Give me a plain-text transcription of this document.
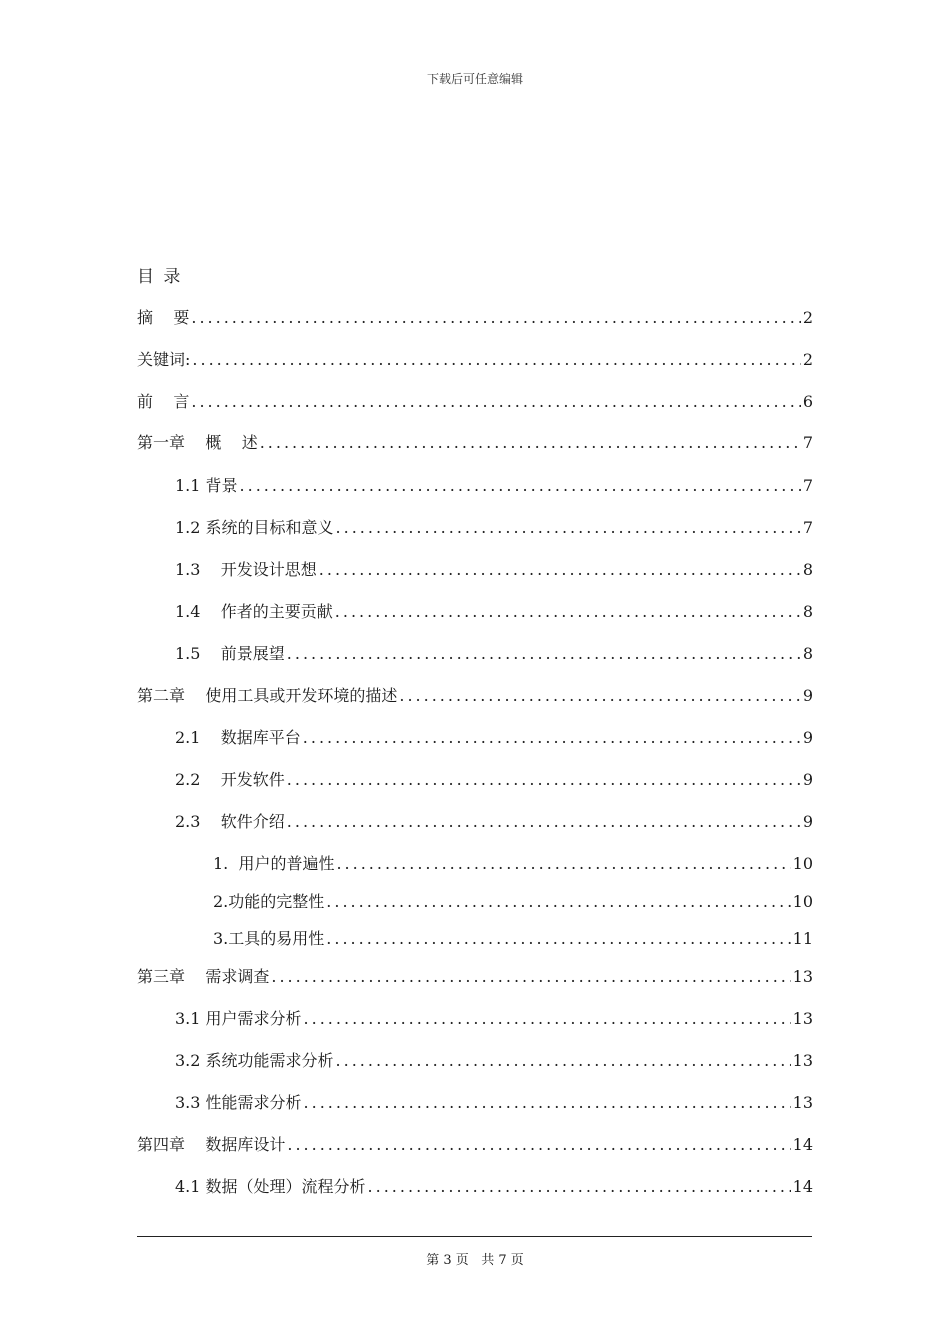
下载后可任意编辑
目 录
摘    要 .....	2
关键词: .....	2
前    言 .....	6
第一章    概    述 .....	7
1.1 背景 .....	7
1.2 系统的目标和意义 .....	7
1.3    开发设计思想 .....	8
1.4    作者的主要贡献 .....	8
1.5    前景展望 .....	8
第二章    使用工具或开发环境的描述 .....	9
2.1    数据库平台 .....	9
2.2    开发软件 .....	9
2.3    软件介绍 .....	9
1.  用户的普遍性 .....	10
2.功能的完整性 .....	10
3.工具的易用性 .....	11
第三章    需求调查 .....	13
3.1 用户需求分析 .....	13
3.2 系统功能需求分析 .....	13
3.3 性能需求分析 .....	13
第四章    数据库设计 .....	14
4.1 数据（处理）流程分析 .....	14
第 3 页   共 7 页
